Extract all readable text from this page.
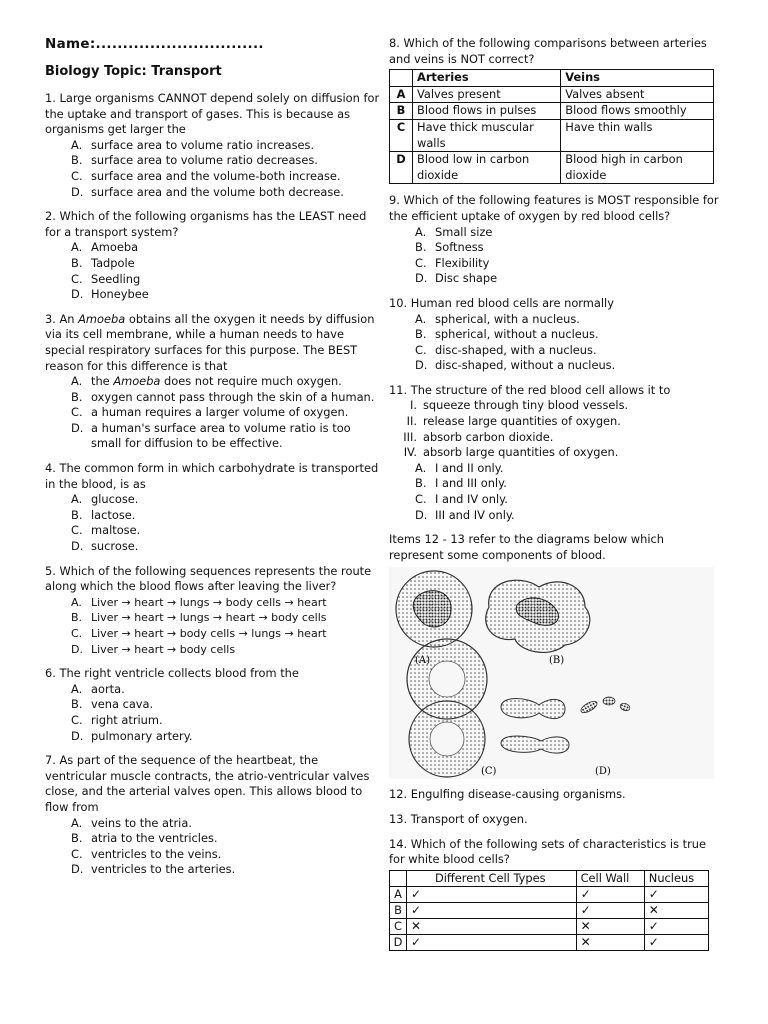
Name:...............................
Biology Topic: Transport

1. Large organisms CANNOT depend solely on diffusion for the uptake and transport of gases. This is because as organisms get larger the

A. surface area to volume ratio increases.
B. surface area to volume ratio decreases.
C. surface area and the volume-both increase.
D. surface area and the volume both decrease.

2. Which of the following organisms has the LEAST need for a transport system?

A. Amoeba
B. Tadpole
C. Seedling
D. Honeybee

3. An Amoeba obtains all the oxygen it needs by diffusion via its cell membrane, while a human needs to have special respiratory surfaces for this purpose. The BEST reason for this difference is that

A. the Amoeba does not require much oxygen.
B. oxygen cannot pass through the skin of a human.
C. a human requires a larger volume of oxygen.
D. a human's surface area to volume ratio is too small for diffusion to be effective.

4. The common form in which carbohydrate is transported in the blood, is as

A. glucose.
B. lactose.
C. maltose.
D. sucrose.

5. Which of the following sequences represents the route along which the blood flows after leaving the liver?

A. Liver → heart → lungs → body cells → heart
B. Liver → heart → lungs → heart → body cells
C. Liver → heart → body cells → lungs → heart
D. Liver → heart → body cells

6. The right ventricle collects blood from the

A. aorta.
B. vena cava.
C. right atrium.
D. pulmonary artery.

7. As part of the sequence of the heartbeat, the ventricular muscle contracts, the atrio-ventricular valves close, and the arterial valves open. This allows blood to flow from

A. veins to the atria.
B. atria to the ventricles.
C. ventricles to the veins.
D. ventricles to the arteries.

8. Which of the following comparisons between arteries and veins is NOT correct?

	Arteries	Veins
A	Valves present	Valves absent
B	Blood flows in pulses	Blood flows smoothly
C	Have thick muscular walls	Have thin walls
D	Blood low in carbon dioxide	Blood high in carbon dioxide

9. Which of the following features is MOST responsible for the efficient uptake of oxygen by red blood cells?

A. Small size
B. Softness
C. Flexibility
D. Disc shape

10. Human red blood cells are normally

A. spherical, with a nucleus.
B. spherical, without a nucleus.
C. disc-shaped, with a nucleus.
D. disc-shaped, without a nucleus.

11. The structure of the red blood cell allows it to

I. squeeze through tiny blood vessels.
II. release large quantities of oxygen.
III. absorb carbon dioxide.
IV. absorb large quantities of oxygen.
A. I and II only.
B. I and III only.
C. I and IV only.
D. III and IV only.

Items 12 - 13 refer to the diagrams below which represent some components of blood.

(A)	(B)
(C)	(D)

12. Engulfing disease-causing organisms.

13. Transport of oxygen.

14. Which of the following sets of characteristics is true for white blood cells?

	Different Cell Types	Cell Wall	Nucleus
A	✓	✓	✓
B	✓	✓	✕
C	✕	✕	✓
D	✓	✕	✓
